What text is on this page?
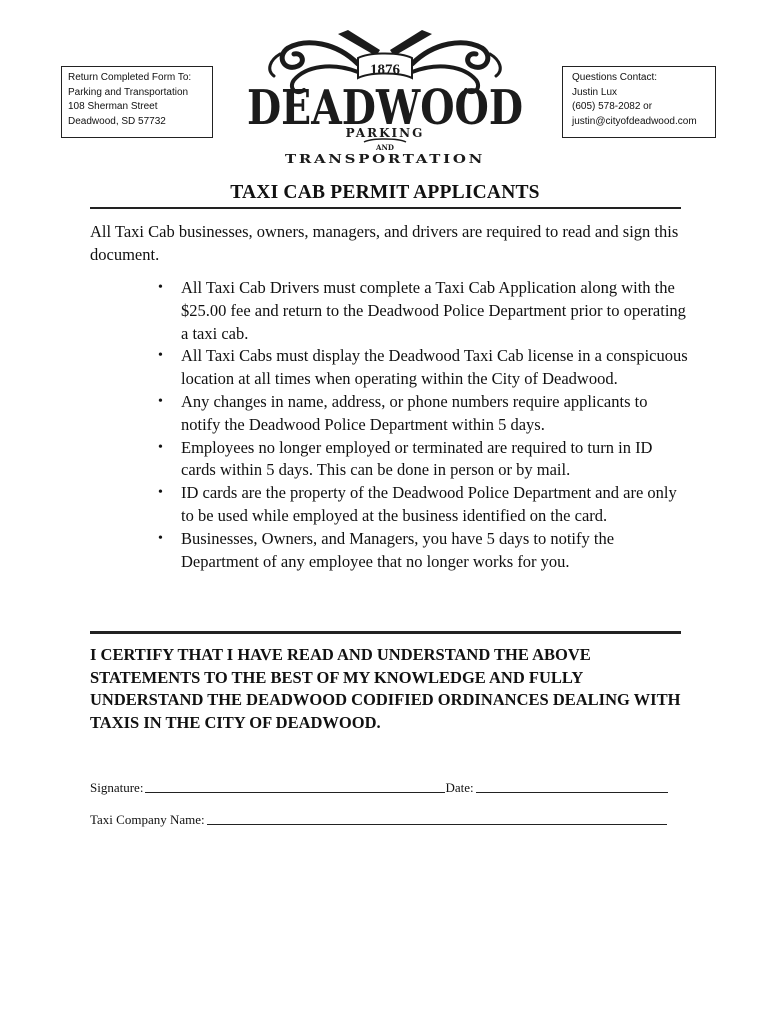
Return Completed Form To:
Parking and Transportation
108 Sherman Street
Deadwood, SD 57732
1876
DEADWOOD
PARKING
AND
TRANSPORTATION
Questions Contact:
Justin Lux
(605) 578-2082 or
justin@cityofdeadwood.com
TAXI CAB PERMIT APPLICANTS
All Taxi Cab businesses, owners, managers, and drivers are required to read and sign this document.
• All Taxi Cab Drivers must complete a Taxi Cab Application along with the $25.00 fee and return to the Deadwood Police Department prior to operating a taxi cab.
• All Taxi Cabs must display the Deadwood Taxi Cab license in a conspicuous location at all times when operating within the City of Deadwood.
• Any changes in name, address, or phone numbers require applicants to notify the Deadwood Police Department within 5 days.
• Employees no longer employed or terminated are required to turn in ID cards within 5 days. This can be done in person or by mail.
• ID cards are the property of the Deadwood Police Department and are only to be used while employed at the business identified on the card.
• Businesses, Owners, and Managers, you have 5 days to notify the Department of any employee that no longer works for you.
I CERTIFY THAT I HAVE READ AND UNDERSTAND THE ABOVE STATEMENTS TO THE BEST OF MY KNOWLEDGE AND FULLY UNDERSTAND THE DEADWOOD CODIFIED ORDINANCES DEALING WITH TAXIS IN THE CITY OF DEADWOOD.
Signature:	Date:
Taxi Company Name:
